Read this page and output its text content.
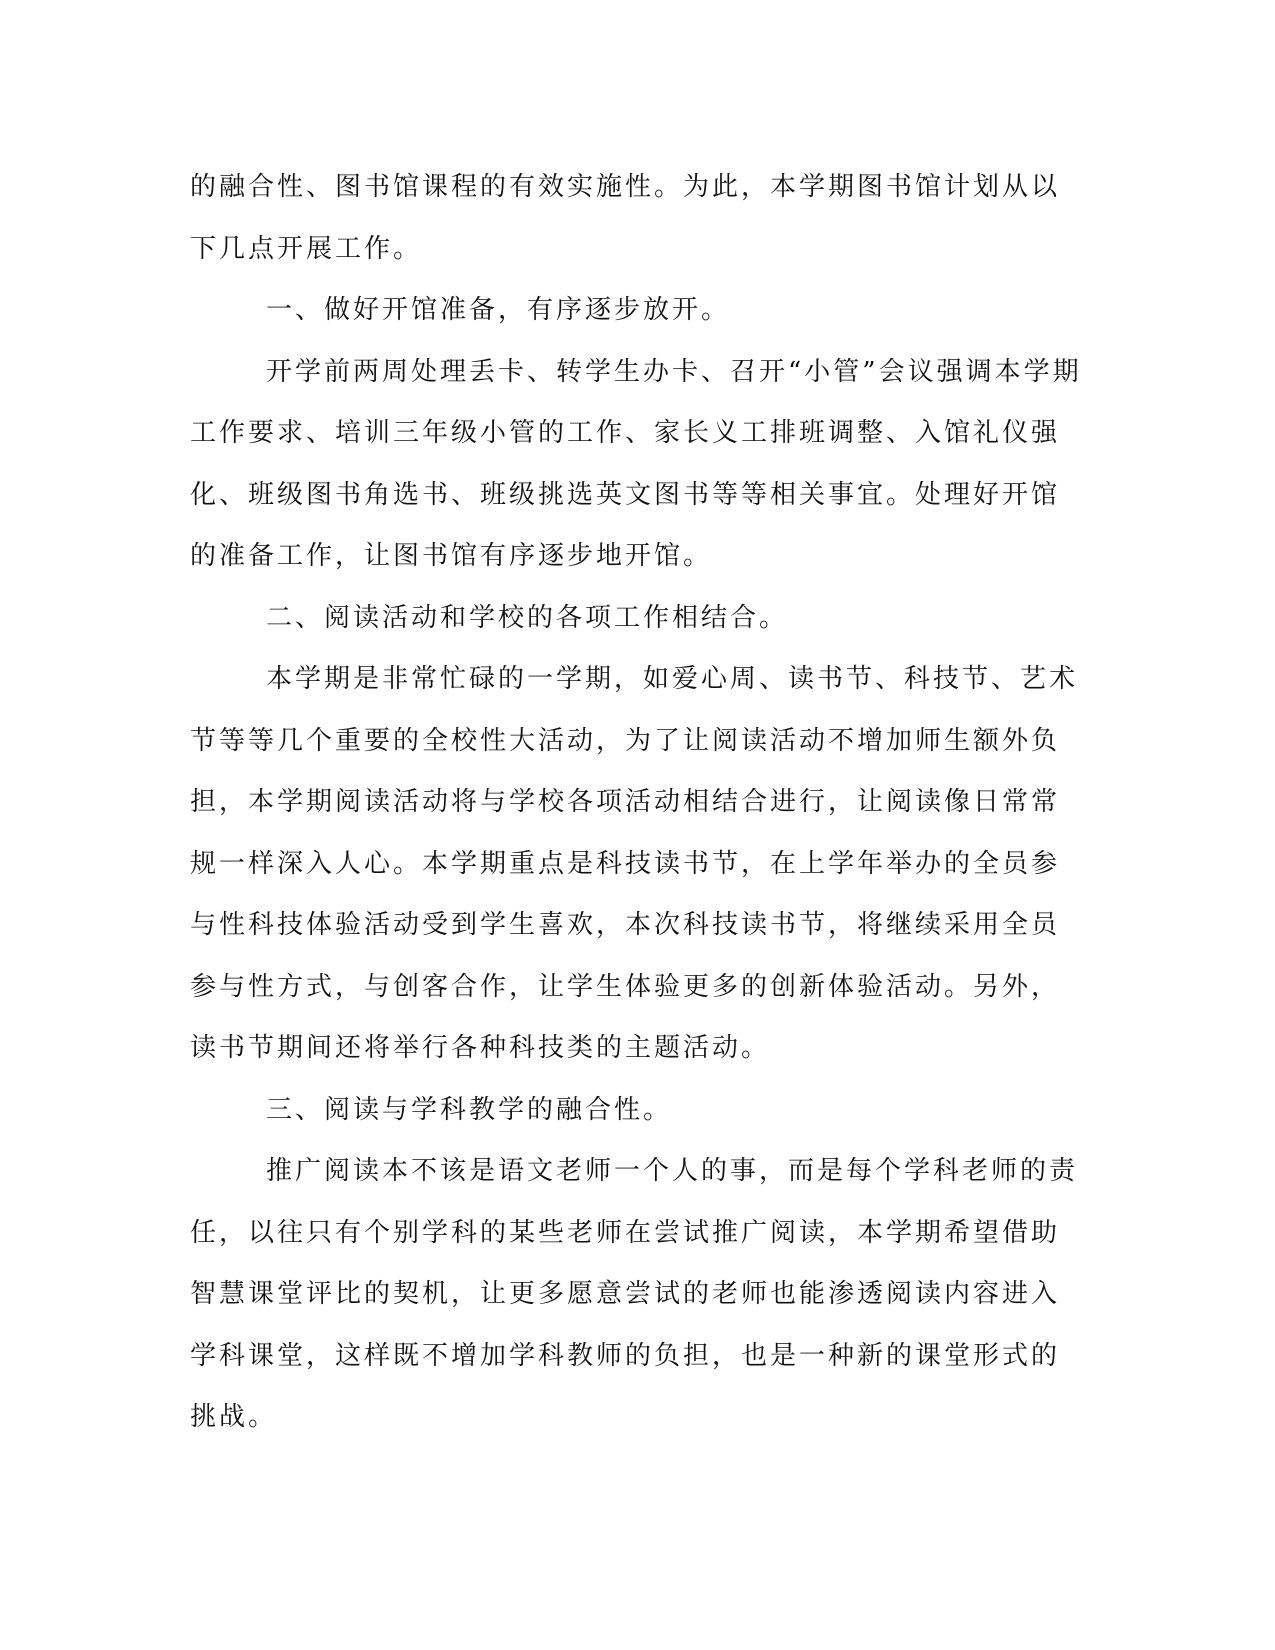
的融合性、图书馆课程的有效实施性。为此，本学期图书馆计划从以
下几点开展工作。
一、做好开馆准备，有序逐步放开。
开学前两周处理丢卡、转学生办卡、召开“小管”会议强调本学期
工作要求、培训三年级小管的工作、家长义工排班调整、入馆礼仪强
化、班级图书角选书、班级挑选英文图书等等相关事宜。处理好开馆
的准备工作，让图书馆有序逐步地开馆。
二、阅读活动和学校的各项工作相结合。
本学期是非常忙碌的一学期，如爱心周、读书节、科技节、艺术
节等等几个重要的全校性大活动，为了让阅读活动不增加师生额外负
担，本学期阅读活动将与学校各项活动相结合进行，让阅读像日常常
规一样深入人心。本学期重点是科技读书节，在上学年举办的全员参
与性科技体验活动受到学生喜欢，本次科技读书节，将继续采用全员
参与性方式，与创客合作，让学生体验更多的创新体验活动。另外，
读书节期间还将举行各种科技类的主题活动。
三、阅读与学科教学的融合性。
推广阅读本不该是语文老师一个人的事，而是每个学科老师的责
任，以往只有个别学科的某些老师在尝试推广阅读，本学期希望借助
智慧课堂评比的契机，让更多愿意尝试的老师也能渗透阅读内容进入
学科课堂，这样既不增加学科教师的负担，也是一种新的课堂形式的
挑战。
